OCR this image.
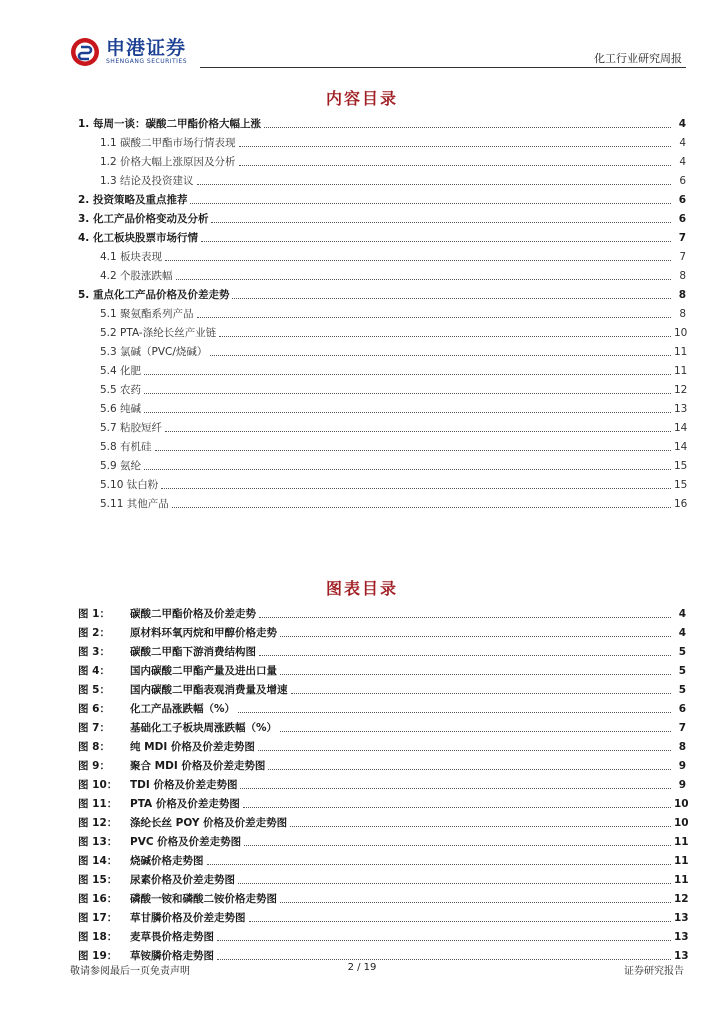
申港证券
SHENGANG SECURITIES	化工行业研究周报
内容目录
1. 每周一谈：碳酸二甲酯价格大幅上涨	4
1.1 碳酸二甲酯市场行情表现	4
1.2 价格大幅上涨原因及分析	4
1.3 结论及投资建议	6
2. 投资策略及重点推荐	6
3. 化工产品价格变动及分析	6
4. 化工板块股票市场行情	7
4.1 板块表现	7
4.2 个股涨跌幅	8
5. 重点化工产品价格及价差走势	8
5.1 聚氨酯系列产品	8
5.2 PTA-涤纶长丝产业链	10
5.3 氯碱（PVC/烧碱）	11
5.4 化肥	11
5.5 农药	12
5.6 纯碱	13
5.7 粘胶短纤	14
5.8 有机硅	14
5.9 氨纶	15
5.10 钛白粉	15
5.11 其他产品	16
图表目录
图 1： 碳酸二甲酯价格及价差走势	4
图 2： 原材料环氧丙烷和甲醇价格走势	4
图 3： 碳酸二甲酯下游消费结构图	5
图 4： 国内碳酸二甲酯产量及进出口量	5
图 5： 国内碳酸二甲酯表观消费量及增速	5
图 6： 化工产品涨跌幅（%）	6
图 7： 基础化工子板块周涨跌幅（%）	7
图 8： 纯 MDI 价格及价差走势图	8
图 9： 聚合 MDI 价格及价差走势图	9
图 10： TDI 价格及价差走势图	9
图 11： PTA 价格及价差走势图	10
图 12： 涤纶长丝 POY 价格及价差走势图	10
图 13： PVC 价格及价差走势图	11
图 14： 烧碱价格走势图	11
图 15： 尿素价格及价差走势图	11
图 16： 磷酸一铵和磷酸二铵价格走势图	12
图 17： 草甘膦价格及价差走势图	13
图 18： 麦草畏价格走势图	13
图 19： 草铵膦价格走势图	13
敬请参阅最后一页免责声明	2 / 19	证券研究报告
